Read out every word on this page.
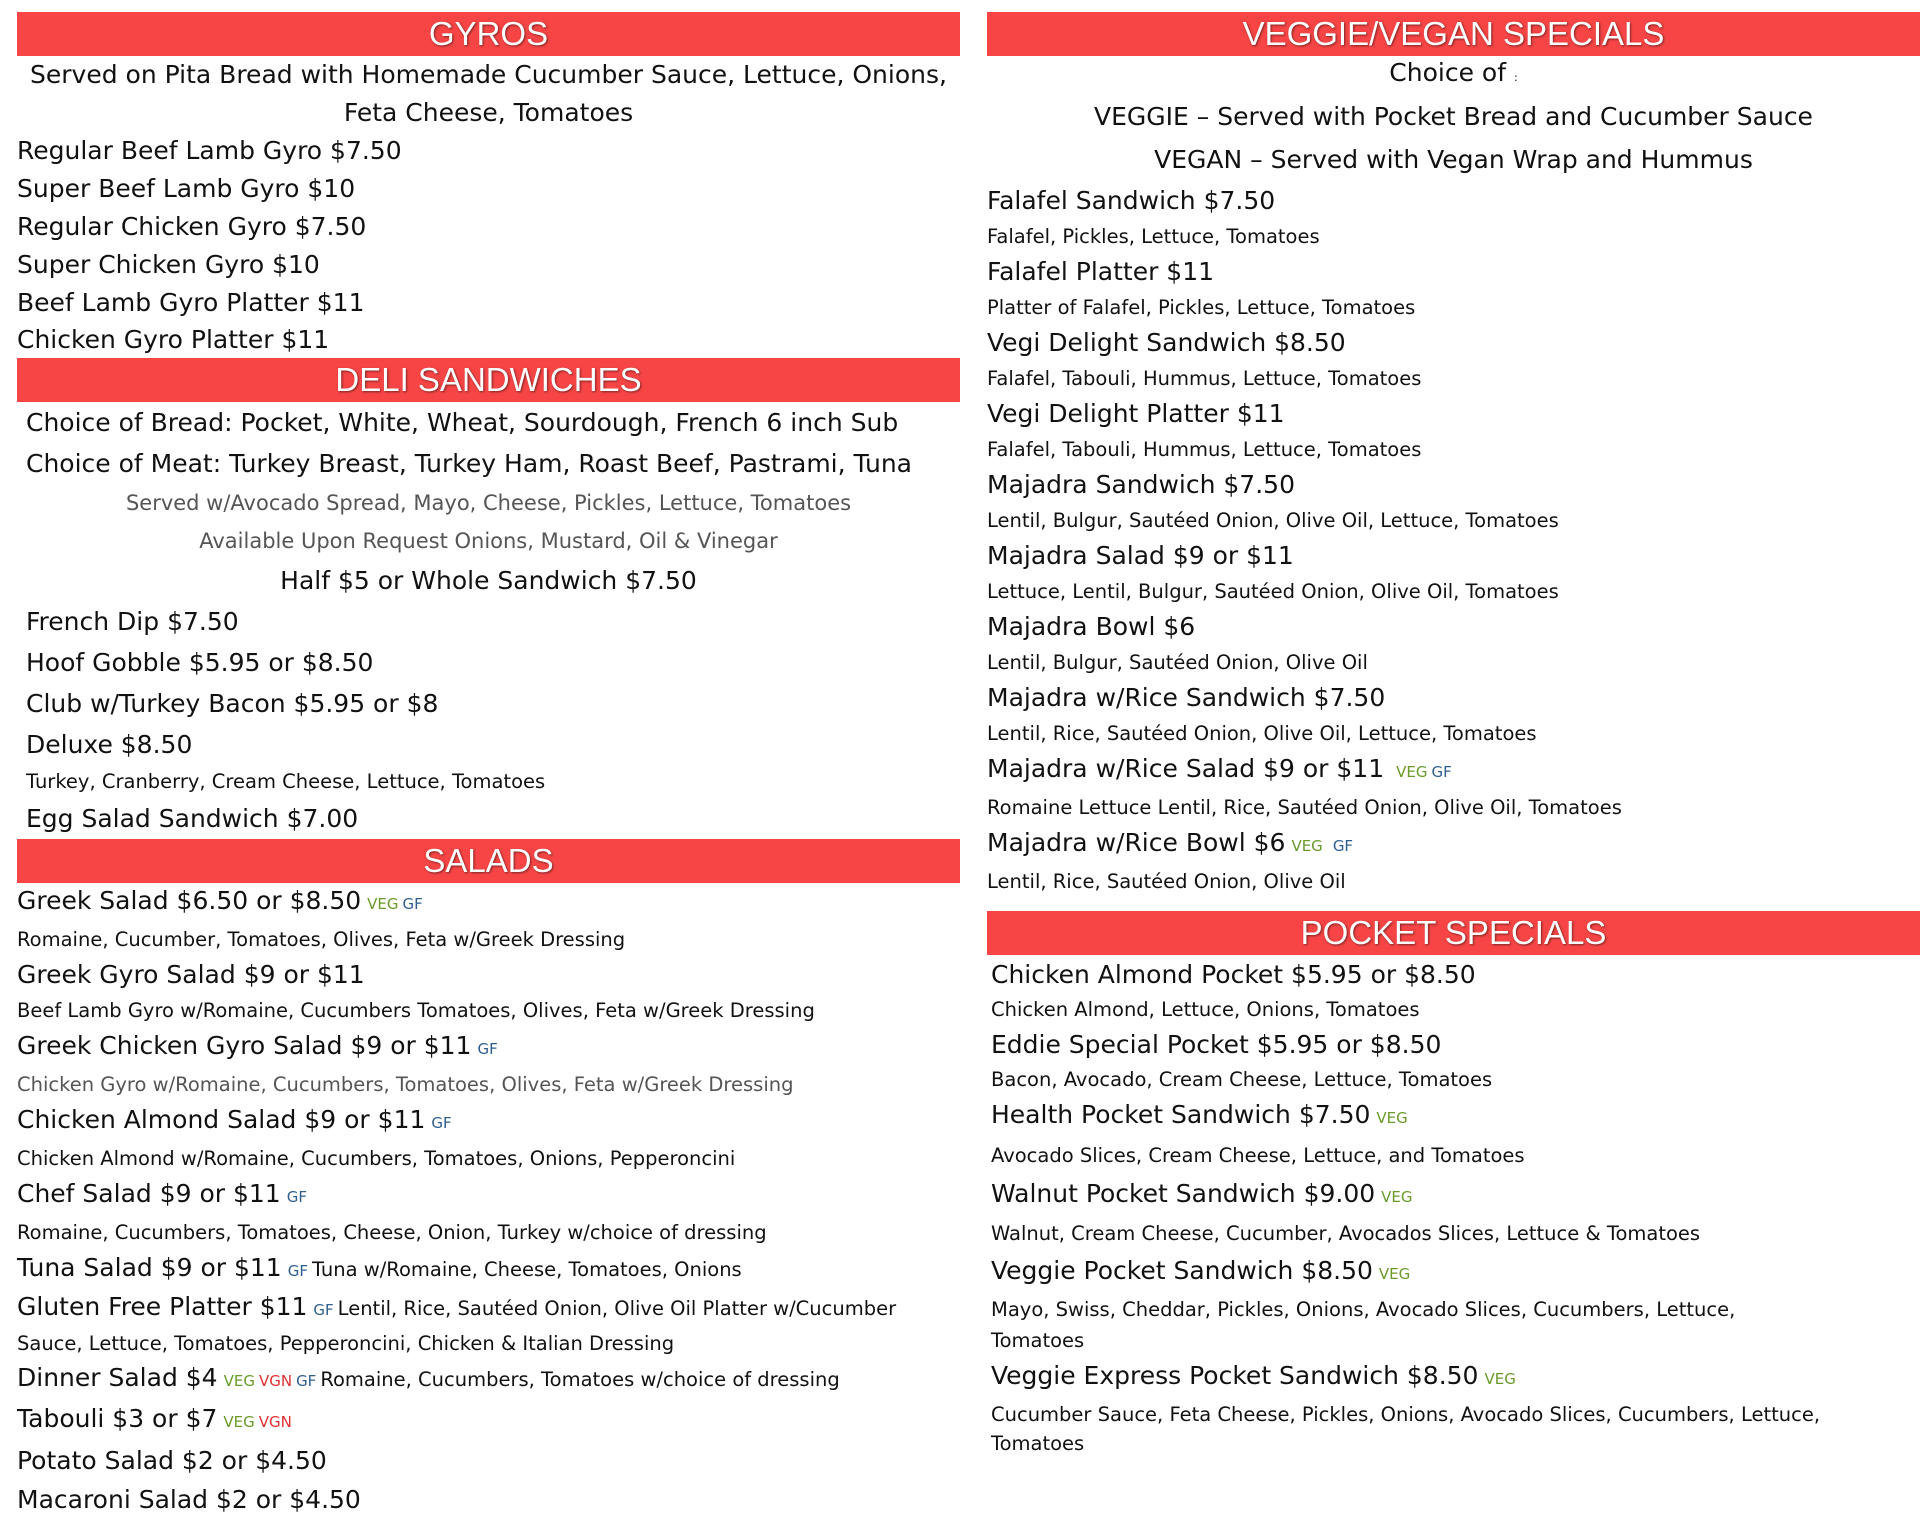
GYROS
Served on Pita Bread with Homemade Cucumber Sauce, Lettuce, Onions,
Feta Cheese, Tomatoes
Regular Beef Lamb Gyro $7.50
Super Beef Lamb Gyro $10
Regular Chicken Gyro $7.50
Super Chicken Gyro $10
Beef Lamb Gyro Platter $11
Chicken Gyro Platter $11
DELI SANDWICHES
Choice of Bread: Pocket, White, Wheat, Sourdough, French 6 inch Sub
Choice of Meat: Turkey Breast, Turkey Ham, Roast Beef, Pastrami, Tuna
Served w/Avocado Spread, Mayo, Cheese, Pickles, Lettuce, Tomatoes
Available Upon Request Onions, Mustard, Oil & Vinegar
Half $5 or Whole Sandwich $7.50
French Dip $7.50
Hoof Gobble $5.95 or $8.50
Club w/Turkey Bacon $5.95 or $8
Deluxe $8.50
Turkey, Cranberry, Cream Cheese, Lettuce, Tomatoes
Egg Salad Sandwich $7.00
SALADS
Greek Salad $6.50 or $8.50 VEG GF
Romaine, Cucumber, Tomatoes, Olives, Feta w/Greek Dressing
Greek Gyro Salad $9 or $11
Beef Lamb Gyro w/Romaine, Cucumbers Tomatoes, Olives, Feta w/Greek Dressing
Greek Chicken Gyro Salad $9 or $11 GF
Chicken Gyro w/Romaine, Cucumbers, Tomatoes, Olives, Feta w/Greek Dressing
Chicken Almond Salad $9 or $11 GF
Chicken Almond w/Romaine, Cucumbers, Tomatoes, Onions, Pepperoncini
Chef Salad $9 or $11 GF
Romaine, Cucumbers, Tomatoes, Cheese, Onion, Turkey w/choice of dressing
Tuna Salad $9 or $11 GF Tuna w/Romaine, Cheese, Tomatoes, Onions
Gluten Free Platter $11 GF Lentil, Rice, Sautéed Onion, Olive Oil Platter w/Cucumber
Sauce, Lettuce, Tomatoes, Pepperoncini, Chicken & Italian Dressing
Dinner Salad $4 VEG VGN GF Romaine, Cucumbers, Tomatoes w/choice of dressing
Tabouli $3 or $7 VEG VGN
Potato Salad $2 or $4.50
Macaroni Salad $2 or $4.50
VEGGIE/VEGAN SPECIALS
Choice of :
VEGGIE – Served with Pocket Bread and Cucumber Sauce
VEGAN – Served with Vegan Wrap and Hummus
Falafel Sandwich $7.50
Falafel, Pickles, Lettuce, Tomatoes
Falafel Platter $11
Platter of Falafel, Pickles, Lettuce, Tomatoes
Vegi Delight Sandwich $8.50
Falafel, Tabouli, Hummus, Lettuce, Tomatoes
Vegi Delight Platter $11
Falafel, Tabouli, Hummus, Lettuce, Tomatoes
Majadra Sandwich $7.50
Lentil, Bulgur, Sautéed Onion, Olive Oil, Lettuce, Tomatoes
Majadra Salad $9 or $11
Lettuce, Lentil, Bulgur, Sautéed Onion, Olive Oil, Tomatoes
Majadra Bowl $6
Lentil, Bulgur, Sautéed Onion, Olive Oil
Majadra w/Rice Sandwich $7.50
Lentil, Rice, Sautéed Onion, Olive Oil, Lettuce, Tomatoes
Majadra w/Rice Salad $9 or $11 VEG GF
Romaine Lettuce Lentil, Rice, Sautéed Onion, Olive Oil, Tomatoes
Majadra w/Rice Bowl $6 VEG GF
Lentil, Rice, Sautéed Onion, Olive Oil
POCKET SPECIALS
Chicken Almond Pocket $5.95 or $8.50
Chicken Almond, Lettuce, Onions, Tomatoes
Eddie Special Pocket $5.95 or $8.50
Bacon, Avocado, Cream Cheese, Lettuce, Tomatoes
Health Pocket Sandwich $7.50 VEG
Avocado Slices, Cream Cheese, Lettuce, and Tomatoes
Walnut Pocket Sandwich $9.00 VEG
Walnut, Cream Cheese, Cucumber, Avocados Slices, Lettuce & Tomatoes
Veggie Pocket Sandwich $8.50 VEG
Mayo, Swiss, Cheddar, Pickles, Onions, Avocado Slices, Cucumbers, Lettuce,
Tomatoes
Veggie Express Pocket Sandwich $8.50 VEG
Cucumber Sauce, Feta Cheese, Pickles, Onions, Avocado Slices, Cucumbers, Lettuce,
Tomatoes
